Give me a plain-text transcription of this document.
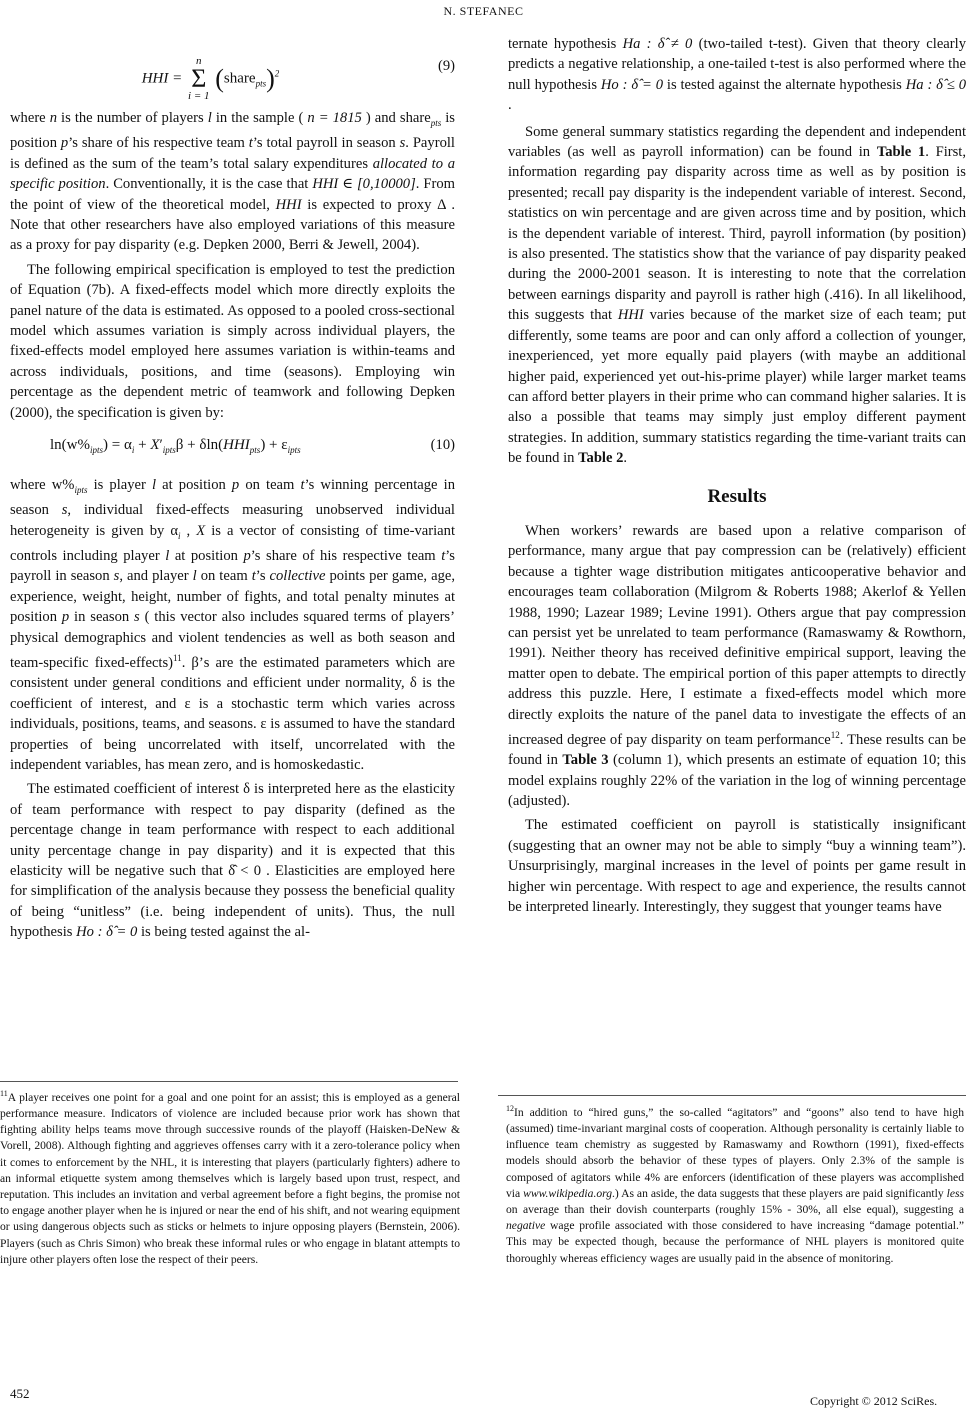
N. STEFANEC
HHI = n
Σ
i = 1 (share$_{pts}$)$^2$	(9)

where n is the number of players l in the sample ( n = 1815 ) and share$_{pts}$ is position p’s share of his respective team t’s total payroll in season s. Payroll is defined as the sum of the team’s total salary expenditures allocated to a specific position. Conventionally, it is the case that HHI ∈ [0,10000]. From the point of view of the theoretical model, HHI is expected to proxy Δ . Note that other researchers have also employed variations of this measure as a proxy for pay disparity (e.g. Depken 2000, Berri & Jewell, 2004).

The following empirical specification is employed to test the prediction of Equation (7b). A fixed-effects model which more directly exploits the panel nature of the data is estimated. As opposed to a pooled cross-sectional model which assumes variation is simply across individual players, the fixed-effects model employed here assumes variation is within-teams and across individuals, positions, and time (seasons). Employing win percentage as the dependent metric of teamwork and following Depken (2000), the specification is given by:

$\ln(w\%_{ipts}) = \alpha_i + X'_{ipts}\beta + \delta\ln(HHI_{pts}) + \varepsilon_{ipts}$	(10)

where $w\%_{ipts}$ is player l at position p on team t’s winning percentage in season s, individual fixed-effects measuring unobserved individual heterogeneity is given by $\alpha_i$ , X is a vector of consisting of time-variant controls including player l at position p’s share of his respective team t’s payroll in season s, and player l on team t’s collective points per game, age, experience, weight, height, number of fights, and total penalty minutes at position p in season s ( this vector also includes squared terms of players’ physical demographics and violent tendencies as well as both season and team-specific fixed-effects)$^{11}$. β’s are the estimated parameters which are consistent under general conditions and efficient under normality, δ is the coefficient of interest, and ε is a stochastic term which varies across individuals, positions, teams, and seasons. ε is assumed to have the standard properties of being uncorrelated with itself, uncorrelated with the independent variables, has mean zero, and is homoskedastic.

The estimated coefficient of interest δ is interpreted here as the elasticity of team performance with respect to pay disparity (defined as the percentage change in team performance with respect to each additional unity percentage change in pay disparity) and it is expected that this elasticity will be negative such that δ̂ < 0 . Elasticities are employed here for simplification of the analysis because they possess the beneficial quality of being “unitless” (i.e. being independent of units). Thus, the null hypothesis Ho : δ̂ = 0 is being tested against the al-

$^{11}$A player receives one point for a goal and one point for an assist; this is employed as a general performance measure. Indicators of violence are included because prior work has shown that fighting ability helps teams move through successive rounds of the playoff (Haisken-DeNew & Vorell, 2008). Although fighting and aggrieves offenses carry with it a zero-tolerance policy when it comes to enforcement by the NHL, it is interesting that players (particularly fighters) adhere to an informal etiquette system among themselves which is largely based upon trust, respect, and reputation. This includes an invitation and verbal agreement before a fight begins, the promise not to engage another player when he is injured or near the end of his shift, and not wearing equipment or using dangerous objects such as sticks or helmets to injure opposing players (Bernstein, 2006). Players (such as Chris Simon) who break these informal rules or who engage in blatant attempts to injure other players often lose the respect of their peers.

ternate hypothesis Ha : δ̂ ≠ 0 (two-tailed t-test). Given that theory clearly predicts a negative relationship, a one-tailed t-test is also performed where the null hypothesis Ho : δ̂ = 0 is tested against the alternate hypothesis Ha : δ̂ ≤ 0 .

Some general summary statistics regarding the dependent and independent variables (as well as payroll information) can be found in Table 1. First, information regarding pay disparity across time as well as by position is presented; recall pay disparity is the independent variable of interest. Second, statistics on win percentage and are given across time and by position, which is the dependent variable of interest. Third, payroll information (by position) is also presented. The statistics show that the variance of pay disparity peaked during the 2000-2001 season. It is interesting to note that the correlation between earnings disparity and payroll is rather high (.416). In all likelihood, this suggests that HHI varies because of the market size of each team; put differently, some teams are poor and can only afford a collection of younger, inexperienced, yet more equally paid players (with maybe an additional higher paid, experienced yet out-his-prime player) while larger market teams can afford better players in their prime who can command higher salaries. It is also a possible that teams may simply just employ different payment strategies. In addition, summary statistics regarding the time-variant traits can be found in Table 2.

Results

When workers’ rewards are based upon a relative comparison of performance, many argue that pay compression can be (relatively) efficient because a tighter wage distribution mitigates anticooperative behavior and encourages team collaboration (Milgrom & Roberts 1988; Akerlof & Yellen 1988, 1990; Lazear 1989; Levine 1991). Others argue that pay compression can persist yet be unrelated to team performance (Ramaswamy & Rowthorn, 1991). Neither theory has received definitive empirical support, leaving the matter open to debate. The empirical portion of this paper attempts to directly address this puzzle. Here, I estimate a fixed-effects model which more directly exploits the nature of the panel data to investigate the effects of an increased degree of pay disparity on team performance$^{12}$. These results can be found in Table 3 (column 1), which presents an estimate of equation 10; this model explains roughly 22% of the variation in the log of winning percentage (adjusted).

The estimated coefficient on payroll is statistically insignificant (suggesting that an owner may not be able to simply “buy a winning team”). Unsurprisingly, marginal increases in the level of points per game result in higher win percentage. With respect to age and experience, the results cannot be interpreted linearly. Interestingly, they suggest that younger teams have

$^{12}$In addition to “hired guns,” the so-called “agitators” and “goons” also tend to have high (assumed) time-invariant marginal costs of cooperation. Although personality is certainly liable to influence team chemistry as suggested by Ramaswamy and Rowthorn (1991), fixed-effects models should absorb the behavior of these types of players. Only 2.3% of the sample is composed of agitators while 4% are enforcers (identification of these players was accomplished via www.wikipedia.org.) As an aside, the data suggests that these players are paid significantly less on average than their dovish counterparts (roughly 15% - 30%, all else equal), suggesting a negative wage profile associated with those considered to have increasing “damage potential.” This may be expected though, because the performance of NHL players is monitored quite thoroughly whereas efficiency wages are usually paid in the absence of monitoring.
452	Copyright © 2012 SciRes.
